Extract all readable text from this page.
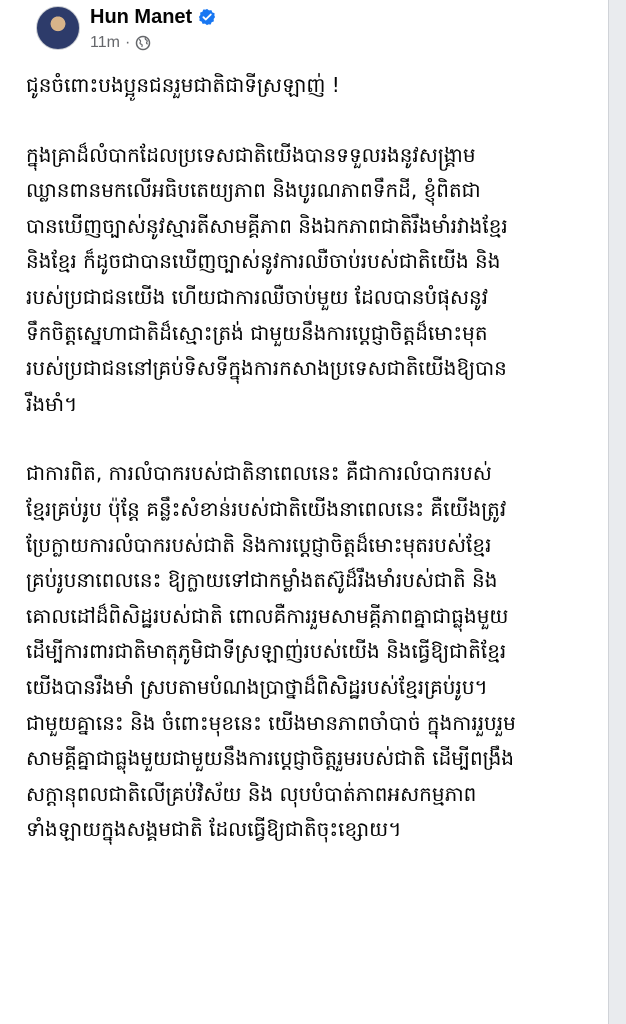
Hun Manet
11m ·
ជូនចំពោះបងប្អូនជនរួមជាតិជាទីស្រឡាញ់ !
ក្នុងគ្រាដ៏លំបាកដែលប្រទេសជាតិយើងបានទទួលរងនូវសង្គ្រាម
ឈ្លានពានមកលើអធិបតេយ្យភាព និងបូរណភាពទឹកដី, ខ្ញុំពិតជា
បានឃើញច្បាស់នូវស្មារតីសាមគ្គីភាព និងឯកភាពជាតិរឹងមាំរវាងខ្មែរ
និងខ្មែរ ក៏ដូចជាបានឃើញច្បាស់នូវការឈឺចាប់របស់ជាតិយើង និង
របស់ប្រជាជនយើង ហើយជាការឈឺចាប់មួយ ដែលបានបំផុសនូវ
ទឹកចិត្តស្នេហាជាតិដ៏ស្មោះត្រង់ ជាមួយនឹងការប្តេជ្ញាចិត្តដ៏មោះមុត
របស់ប្រជាជននៅគ្រប់ទិសទីក្នុងការកសាងប្រទេសជាតិយើងឱ្យបាន
រឹងមាំ។
ជាការពិត, ការលំបាករបស់ជាតិនាពេលនេះ គឺជាការលំបាករបស់
ខ្មែរគ្រប់រូប ប៉ុន្តែ គន្លឹះសំខាន់របស់ជាតិយើងនាពេលនេះ គឺយើងត្រូវ
ប្រែក្លាយការលំបាករបស់ជាតិ និងការប្តេជ្ញាចិត្តដ៏មោះមុតរបស់ខ្មែរ
គ្រប់រូបនាពេលនេះ ឱ្យក្លាយទៅជាកម្លាំងតស៊ូដ៏រឹងមាំរបស់ជាតិ និង
គោលដៅដ៏ពិសិដ្ឋរបស់ជាតិ ពោលគឺការរួមសាមគ្គីភាពគ្នាជាធ្លុងមួយ
ដើម្បីការពារជាតិមាតុភូមិជាទីស្រឡាញ់របស់យើង និងធ្វើឱ្យជាតិខ្មែរ
យើងបានរឹងមាំ ស្របតាមបំណងប្រាថ្នាដ៏ពិសិដ្ឋរបស់ខ្មែរគ្រប់រូប។
ជាមួយគ្នានេះ និង ចំពោះមុខនេះ យើងមានភាពចាំបាច់ ក្នុងការរួបរួម
សាមគ្គីគ្នាជាធ្លុងមួយជាមួយនឹងការប្តេជ្ញាចិត្តរួមរបស់ជាតិ ដើម្បីពង្រឹង
សក្តានុពលជាតិលើគ្រប់វិស័យ និង លុបបំបាត់ភាពអសកម្មភាព
ទាំងឡាយក្នុងសង្គមជាតិ ដែលធ្វើឱ្យជាតិចុះខ្សោយ។
